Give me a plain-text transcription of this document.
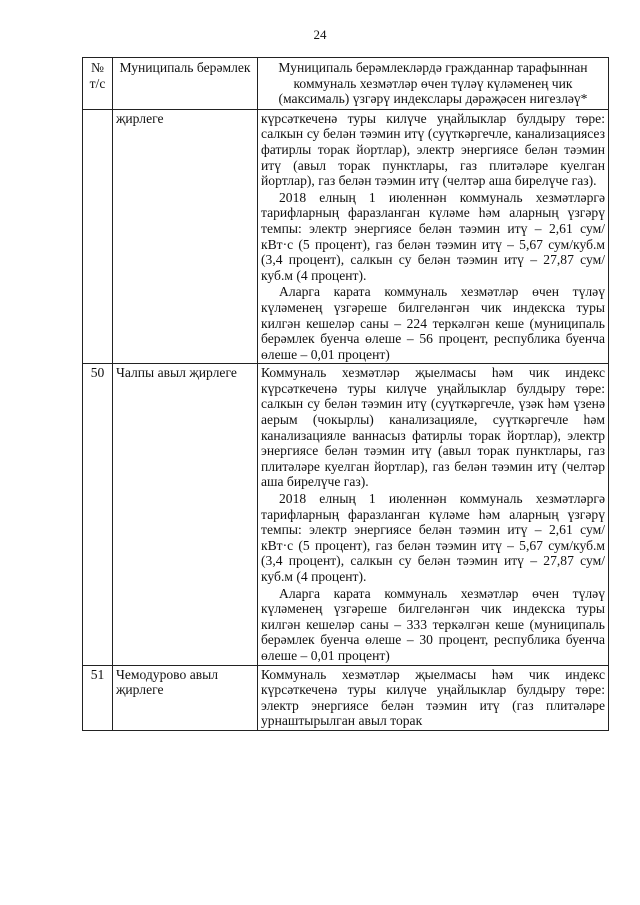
24
№ т/с	Муниципаль берәмлек	Муниципаль берәмлекләрдә гражданнар тарафыннан коммуналь хезмәтләр өчен түләү күләменең чик (максималь) үзгәрү индекслары дәрәҗәсен нигезләү*
	җирлеге	күрсәткеченә туры килүче уңайлыклар булдыру төре: салкын су белән тәэмин итү (суүткәргечле, канализациясез фатирлы торак йортлар), электр энергиясе белән тәэмин итү (авыл торак пунктлары, газ плитәләре куелган йортлар), газ белән тәэмин итү (челтәр аша бирелүче газ).

2018 елның 1 июленнән коммуналь хезмәтләргә тарифларның фаразланган күләме һәм аларның үзгәрү темпы: электр энергиясе белән тәэмин итү – 2,61 сум/кВт·с (5 процент), газ белән тәэмин итү – 5,67 сум/куб.м (3,4 процент), салкын су белән тәэмин итү – 27,87 сум/куб.м (4 процент).

Аларга карата коммуналь хезмәтләр өчен түләү күләменең үзгәреше билгеләнгән чик индекска туры килгән кешеләр саны – 224 теркәлгән кеше (муниципаль берәмлек буенча өлеше – 56 процент, республика буенча өлеше – 0,01 процент)

50	Чалпы авыл җирлеге	Коммуналь хезмәтләр җыелмасы һәм чик индекс күрсәткеченә туры килүче уңайлыклар булдыру төре: салкын су белән тәэмин итү (суүткәргечле, үзәк һәм үзенә аерым (чокырлы) канализацияле, суүткәргечле һәм канализацияле ваннасыз фатирлы торак йортлар), электр энергиясе белән тәэмин итү (авыл торак пунктлары, газ плитәләре куелган йортлар), газ белән тәэмин итү (челтәр аша бирелүче газ).

2018 елның 1 июленнән коммуналь хезмәтләргә тарифларның фаразланган күләме һәм аларның үзгәрү темпы: электр энергиясе белән тәэмин итү – 2,61 сум/кВт·с (5 процент), газ белән тәэмин итү – 5,67 сум/куб.м (3,4 процент), салкын су белән тәэмин итү – 27,87 сум/куб.м (4 процент).

Аларга карата коммуналь хезмәтләр өчен түләү күләменең үзгәреше билгеләнгән чик индекска туры килгән кешеләр саны – 333 теркәлгән кеше (муниципаль берәмлек буенча өлеше – 30 процент, республика буенча өлеше – 0,01 процент)

51	Чемодурово авыл җирлеге	Коммуналь хезмәтләр җыелмасы һәм чик индекс күрсәткеченә туры килүче уңайлыклар булдыру төре: электр энергиясе белән тәэмин итү (газ плитәләре урнаштырылган авыл торак
